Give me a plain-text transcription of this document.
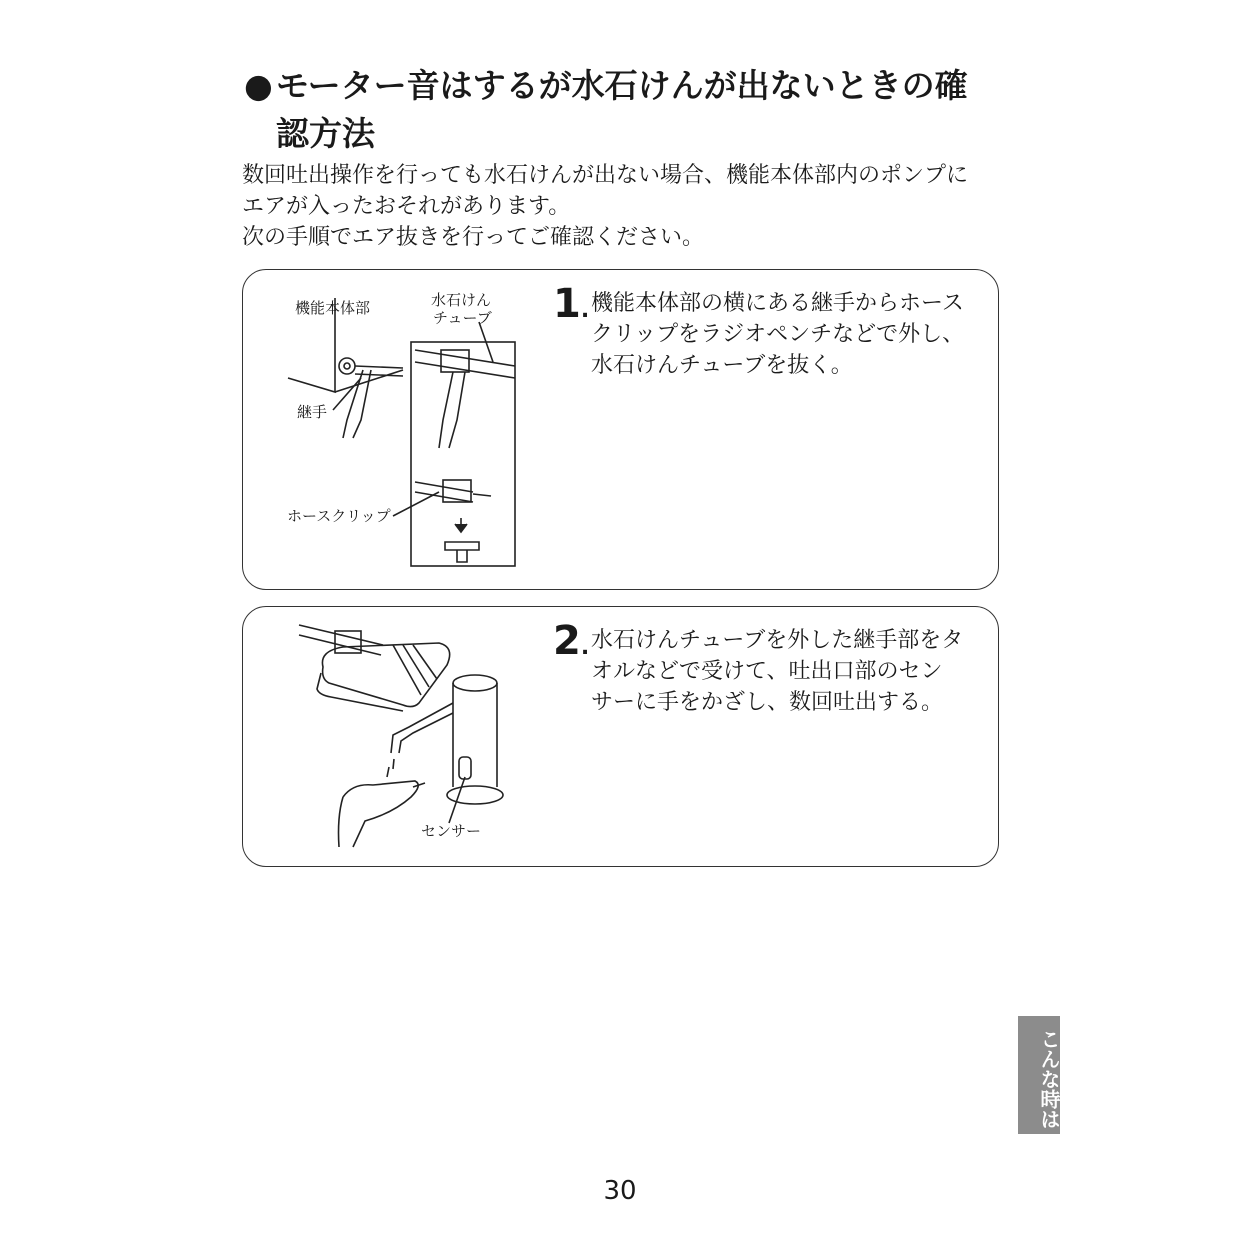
●モーター音はするが水石けんが出ないときの確
認方法
数回吐出操作を行っても水石けんが出ない場合、機能本体部内のポンプに
エアが入ったおそれがあります。
次の手順でエア抜きを行ってご確認ください。
機能本体部	水石けん
チューブ
継手
ホースクリップ
1. 機能本体部の横にある継手からホース
クリップをラジオペンチなどで外し、
水石けんチューブを抜く。
センサー
2. 水石けんチューブを外した継手部をタ
オルなどで受けて、吐出口部のセン
サーに手をかざし、数回吐出する。
こんな時は
30
